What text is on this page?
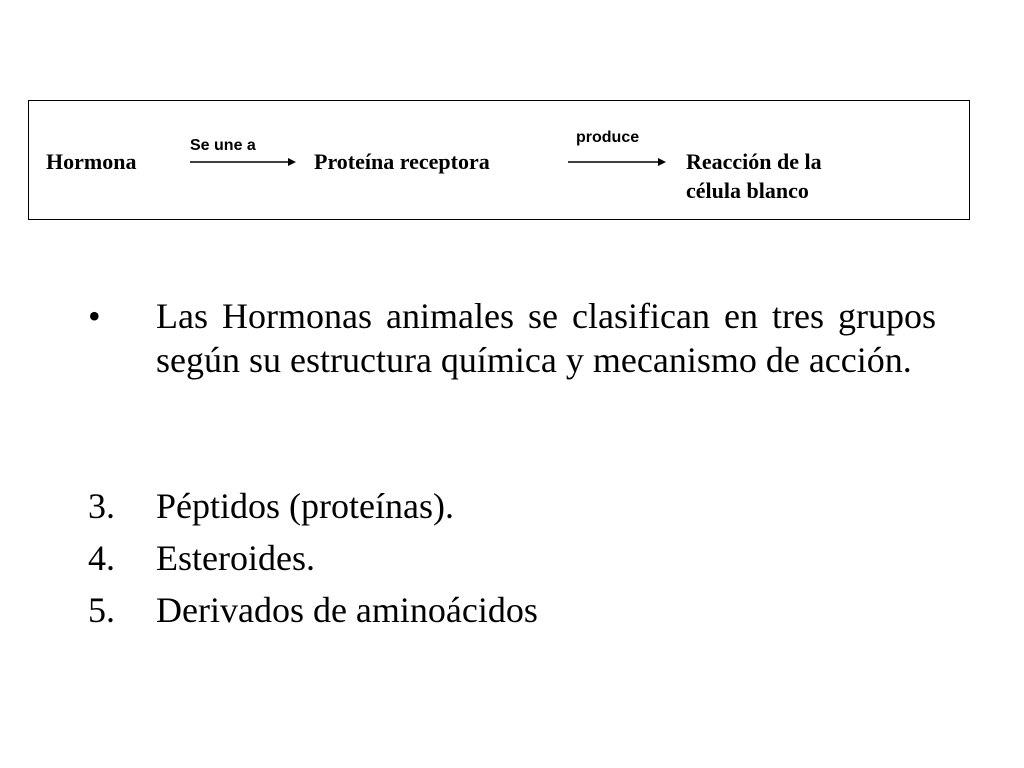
Hormona
Se une a
Proteína receptora
produce
Reacción de la
célula blanco
• Las Hormonas animales se clasifican en tres grupos según su estructura química y mecanismo de acción.
3. Péptidos (proteínas).
4. Esteroides.
5. Derivados de aminoácidos
